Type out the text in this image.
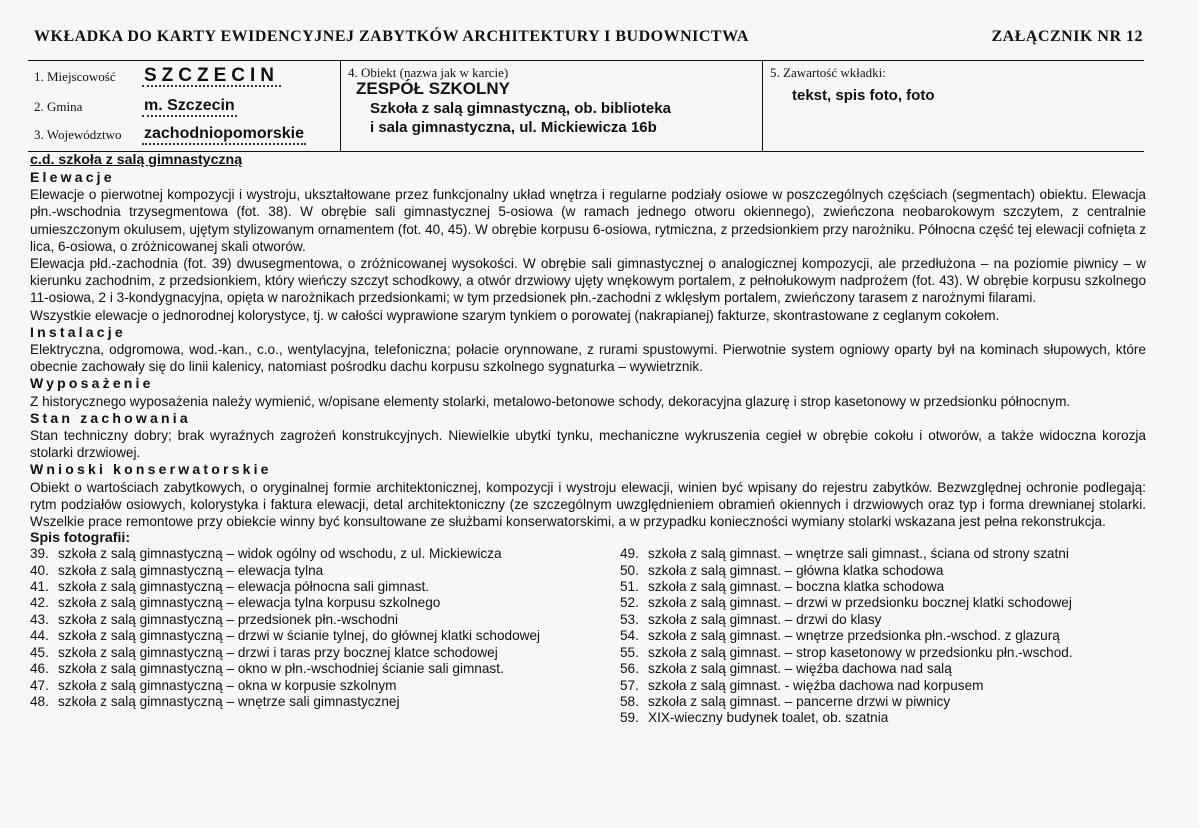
WKŁADKA DO KARTY EWIDENCYJNEJ ZABYTKÓW ARCHITEKTURY I BUDOWNICTWA	ZAŁĄCZNIK NR 12
1. Miejscowość SZCZECIN
2. Gmina	m. Szczecin
3. Województwo zachodniopomorskie
4. Obiekt (nazwa jak w karcie)
ZESPÓŁ SZKOLNY
Szkoła z salą gimnastyczną, ob. biblioteka
i sala gimnastyczna, ul. Mickiewicza 16b
5. Zawartość wkładki:
tekst, spis foto, foto
c.d. szkoła z salą gimnastyczną
Elewacje

Elewacje o pierwotnej kompozycji i wystroju, ukształtowane przez funkcjonalny układ wnętrza i regularne podziały osiowe w poszczególnych częściach (segmentach) obiektu. Elewacja płn.-wschodnia trzysegmentowa (fot. 38). W obrębie sali gimnastycznej 5-osiowa (w ramach jednego otworu okiennego), zwieńczona neobarokowym szczytem, z centralnie umieszczonym okulusem, ujętym stylizowanym ornamentem (fot. 40, 45). W obrębie korpusu 6-osiowa, rytmiczna, z przedsionkiem przy narożniku. Północna część tej elewacji cofnięta z lica, 6-osiowa, o zróżnicowanej skali otworów.

Elewacja płd.-zachodnia (fot. 39) dwusegmentowa, o zróżnicowanej wysokości. W obrębie sali gimnastycznej o analogicznej kompozycji, ale przedłużona – na poziomie piwnicy – w kierunku zachodnim, z przedsionkiem, który wieńczy szczyt schodkowy, a otwór drzwiowy ujęty wnękowym portalem, z pełnołukowym nadprożem (fot. 43). W obrębie korpusu szkolnego 11-osiowa, 2 i 3-kondygnacyjna, opięta w narożnikach przedsionkami; w tym przedsionek płn.-zachodni z wklęsłym portalem, zwieńczony tarasem z narożnymi filarami.

Wszystkie elewacje o jednorodnej kolorystyce, tj. w całości wyprawione szarym tynkiem o porowatej (nakrapianej) fakturze, skontrastowane z ceglanym cokołem.

Instalacje

Elektryczna, odgromowa, wod.-kan., c.o., wentylacyjna, telefoniczna; połacie orynnowane, z rurami spustowymi. Pierwotnie system ogniowy oparty był na kominach słupowych, które obecnie zachowały się do linii kalenicy, natomiast pośrodku dachu korpusu szkolnego sygnaturka – wywietrznik.

Wyposażenie

Z historycznego wyposażenia należy wymienić, w/opisane elementy stolarki, metalowo-betonowe schody, dekoracyjna glazurę i strop kasetonowy w przedsionku północnym.

Stan zachowania

Stan techniczny dobry; brak wyraźnych zagrożeń konstrukcyjnych. Niewielkie ubytki tynku, mechaniczne wykruszenia cegieł w obrębie cokołu i otworów, a także widoczna korozja stolarki drzwiowej.

Wnioski konserwatorskie

Obiekt o wartościach zabytkowych, o oryginalnej formie architektonicznej, kompozycji i wystroju elewacji, winien być wpisany do rejestru zabytków. Bezwzględnej ochronie podlegają: rytm podziałów osiowych, kolorystyka i faktura elewacji, detal architektoniczny (ze szczególnym uwzględnieniem obramień okiennych i drzwiowych oraz typ i forma drewnianej stolarki. Wszelkie prace remontowe przy obiekcie winny być konsultowane ze służbami konserwatorskimi, a w przypadku konieczności wymiany stolarki wskazana jest pełna rekonstrukcja.

Spis fotografii:
39. szkoła z salą gimnastyczną – widok ogólny od wschodu, z ul. Mickiewicza
40. szkoła z salą gimnastyczną – elewacja tylna
41. szkoła z salą gimnastyczną – elewacja północna sali gimnast.
42. szkoła z salą gimnastyczną – elewacja tylna korpusu szkolnego
43. szkoła z salą gimnastyczną – przedsionek płn.-wschodni
44. szkoła z salą gimnastyczną – drzwi w ścianie tylnej, do głównej klatki schodowej
45. szkoła z salą gimnastyczną – drzwi i taras przy bocznej klatce schodowej
46. szkoła z salą gimnastyczną – okno w płn.-wschodniej ścianie sali gimnast.
47. szkoła z salą gimnastyczną – okna w korpusie szkolnym
48. szkoła z salą gimnastyczną – wnętrze sali gimnastycznej
49. szkoła z salą gimnast. – wnętrze sali gimnast., ściana od strony szatni
50. szkoła z salą gimnast. – główna klatka schodowa
51. szkoła z salą gimnast. – boczna klatka schodowa
52. szkoła z salą gimnast. – drzwi w przedsionku bocznej klatki schodowej
53. szkoła z salą gimnast. – drzwi do klasy
54. szkoła z salą gimnast. – wnętrze przedsionka płn.-wschod. z glazurą
55. szkoła z salą gimnast. – strop kasetonowy w przedsionku płn.-wschod.
56. szkoła z salą gimnast. – więźba dachowa nad salą
57. szkoła z salą gimnast. - więźba dachowa nad korpusem
58. szkoła z salą gimnast. – pancerne drzwi w piwnicy
59. XIX-wieczny budynek toalet, ob. szatnia
